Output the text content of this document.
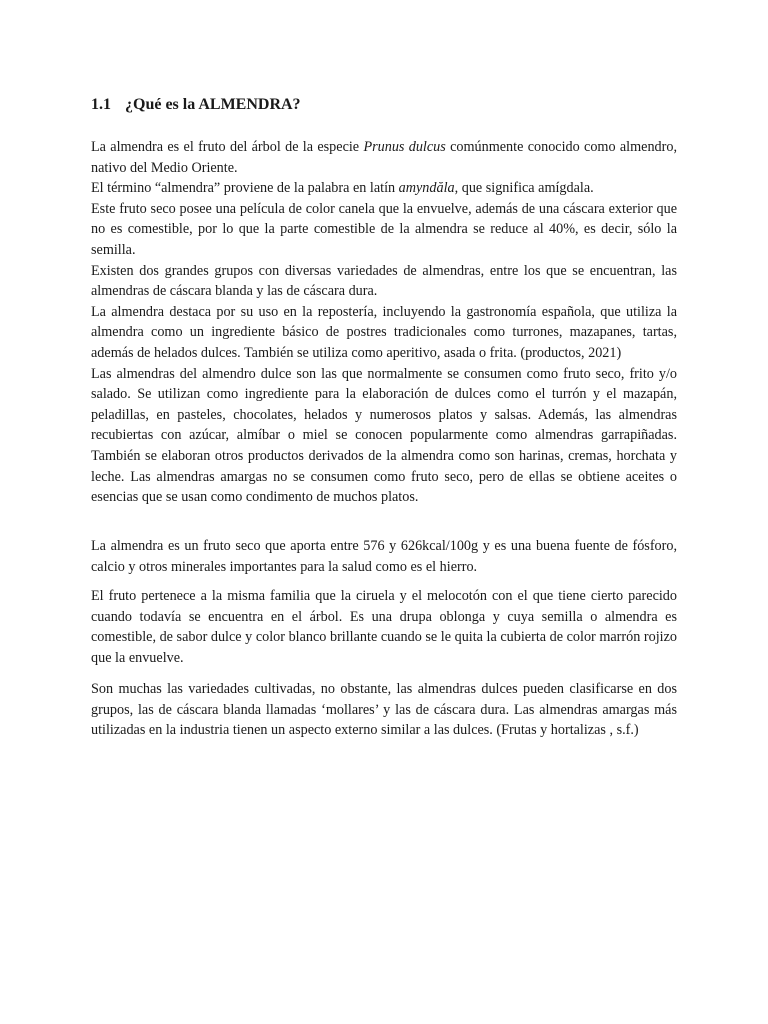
1.1 ¿Qué es la ALMENDRA?

La almendra es el fruto del árbol de la especie Prunus dulcus comúnmente conocido como almendro, nativo del Medio Oriente.

El término “almendra” proviene de la palabra en latín amyndăla, que significa amígdala.

Este fruto seco posee una película de color canela que la envuelve, además de una cáscara exterior que no es comestible, por lo que la parte comestible de la almendra se reduce al 40%, es decir, sólo la semilla.

Existen dos grandes grupos con diversas variedades de almendras, entre los que se encuentran, las almendras de cáscara blanda y las de cáscara dura.

La almendra destaca por su uso en la repostería, incluyendo la gastronomía española, que utiliza la almendra como un ingrediente básico de postres tradicionales como turrones, mazapanes, tartas, además de helados dulces. También se utiliza como aperitivo, asada o frita. (productos, 2021)

Las almendras del almendro dulce son las que normalmente se consumen como fruto seco, frito y/o salado. Se utilizan como ingrediente para la elaboración de dulces como el turrón y el mazapán, peladillas, en pasteles, chocolates, helados y numerosos platos y salsas. Además, las almendras recubiertas con azúcar, almíbar o miel se conocen popularmente como almendras garrapiñadas. También se elaboran otros productos derivados de la almendra como son harinas, cremas, horchata y leche. Las almendras amargas no se consumen como fruto seco, pero de ellas se obtiene aceites o esencias que se usan como condimento de muchos platos.

La almendra es un fruto seco que aporta entre 576 y 626kcal/100g y es una buena fuente de fósforo, calcio y otros minerales importantes para la salud como es el hierro.

El fruto pertenece a la misma familia que la ciruela y el melocotón con el que tiene cierto parecido cuando todavía se encuentra en el árbol. Es una drupa oblonga y cuya semilla o almendra es comestible, de sabor dulce y color blanco brillante cuando se le quita la cubierta de color marrón rojizo que la envuelve.

Son muchas las variedades cultivadas, no obstante, las almendras dulces pueden clasificarse en dos grupos, las de cáscara blanda llamadas ‘mollares’ y las de cáscara dura. Las almendras amargas más utilizadas en la industria tienen un aspecto externo similar a las dulces. (Frutas y hortalizas , s.f.)
